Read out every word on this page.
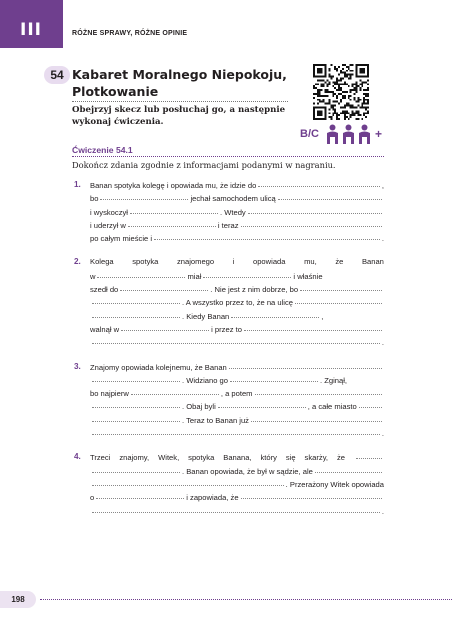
III	RÓŻNE SPRAWY, RÓŻNE OPINIE
54 Kabaret Moralnego Niepokoju, Plotkowanie
Obejrzyj skecz lub posłuchaj go, a następnie wykonaj ćwiczenia.
B/C	+
Ćwiczenie 54.1
Dokończ zdania zgodnie z informacjami podanymi w nagraniu.
1. Banan spotyka kolegę i opowiada mu, że idzie do	,
bo	jechał samochodem ulicą
i wyskoczył	. Wtedy
i uderzył w	i teraz
po całym mieście i	.
2. Kolega spotyka znajomego i opowiada mu, że Banan
w	miał	i właśnie
szedł do	. Nie jest z nim dobrze, bo
. A wszystko przez to, że na ulicę
. Kiedy Banan	,
walnął w	i przez to
.
3. Znajomy opowiada kolejnemu, że Banan
. Widziano go	. Zginął,
bo najpierw	, a potem
. Obaj byli	, a całe miasto
. Teraz to Banan już
.
4. Trzeci znajomy, Witek, spotyka Banana, który się skarży, że
. Banan opowiada, że był w sądzie, ale
. Przerażony Witek opowiada
o	i zapowiada, że
.
198
